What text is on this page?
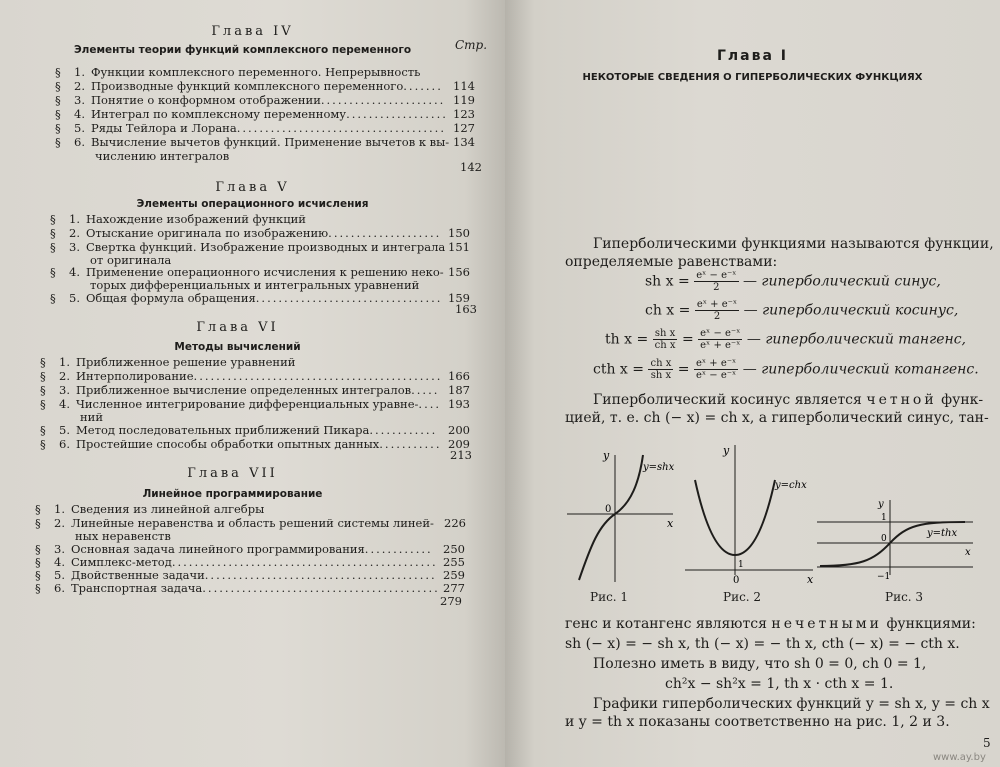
Стр.
Глава IV
Элементы теории функций комплексного переменного
§ 1. Функции комплексного переменного. Непрерывность
§ 2. Производные функций комплексного переменного....... 114
§ 3. Понятие о конформном отображении...................... 119
§ 4. Интеграл по комплексному переменному.................. 123
§ 5. Ряды Тейлора и Лорана..................................... 127
§ 6. Вычисление вычетов функций. Применение вычетов к вы- 134
числению интегралов
142
Глава V
Элементы операционного исчисления
§ 1. Нахождение изображений функций
§ 2. Отыскание оригинала по изображению.................... 150
§ 3. Свертка функций. Изображение производных и интеграла 151
от оригинала
§ 4. Применение операционного исчисления к решению неко- 156
торых дифференциальных и интегральных уравнений
§ 5. Общая формула обращения................................. 159
163
Глава VI
Методы вычислений
§ 1. Приближенное решение уравнений
§ 2. Интерполирование............................................ 166
§ 3. Приближенное вычисление определенных интегралов..... 187
§ 4. Численное интегрирование дифференциальных уравне-.... 193
ний
§ 5. Метод последовательных приближений Пикара............ 200
§ 6. Простейшие способы обработки опытных данных........... 209
213
Глава VII
Линейное программирование
§ 1. Сведения из линейной алгебры
226
§ 2. Линейные неравенства и область решений системы линей-
ных неравенств
§ 3. Основная задача линейного программирования............ 250
§ 4. Симплекс-метод............................................... 255
§ 5. Двойственные задачи......................................... 259
§ 6. Транспортная задача.......................................... 277
279
Глава I
НЕКОТОРЫЕ СВЕДЕНИЯ О ГИПЕРБОЛИЧЕСКИХ ФУНКЦИЯХ
Гиперболическими функциями называются функции,
определяемые равенствами:
sh $x = \frac{\text{eˣ − e⁻ˣ}}{2}$ — гиперболический синус,
ch $x = \frac{\text{eˣ + e⁻ˣ}}{2}$ — гиперболический косинус,
th $x = \frac{\text{sh x}}{\text{ch x}} = \frac{\text{eˣ − e⁻ˣ}}{\text{eˣ + e⁻ˣ}}$ — гиперболический тангенс,
cth $x = \frac{\text{ch x}}{\text{sh x}} = \frac{\text{eˣ + e⁻ˣ}}{\text{eˣ − e⁻ˣ}}$ — гиперболический котангенс.
Гиперболический косинус является четной функ-
цией, т. е. ch (− x) = ch x, а гиперболический синус, тан-
y
x
0
y=shx
Рис. 1
y
x
0
1
y=chx
Рис. 2
y
x
0
1
−1
y=thx
Рис. 3
генс и котангенс являются нечетными функциями:
sh (− x) = − sh x, th (− x) = − th x, cth (− x) = − cth x.
Полезно иметь в виду, что sh 0 = 0, ch 0 = 1,
ch²x − sh²x = 1, th x · cth x = 1.
Графики гиперболических функций y = sh x, y = ch x
и y = th x показаны соответственно на рис. 1, 2 и 3.
5
www.ay.by
